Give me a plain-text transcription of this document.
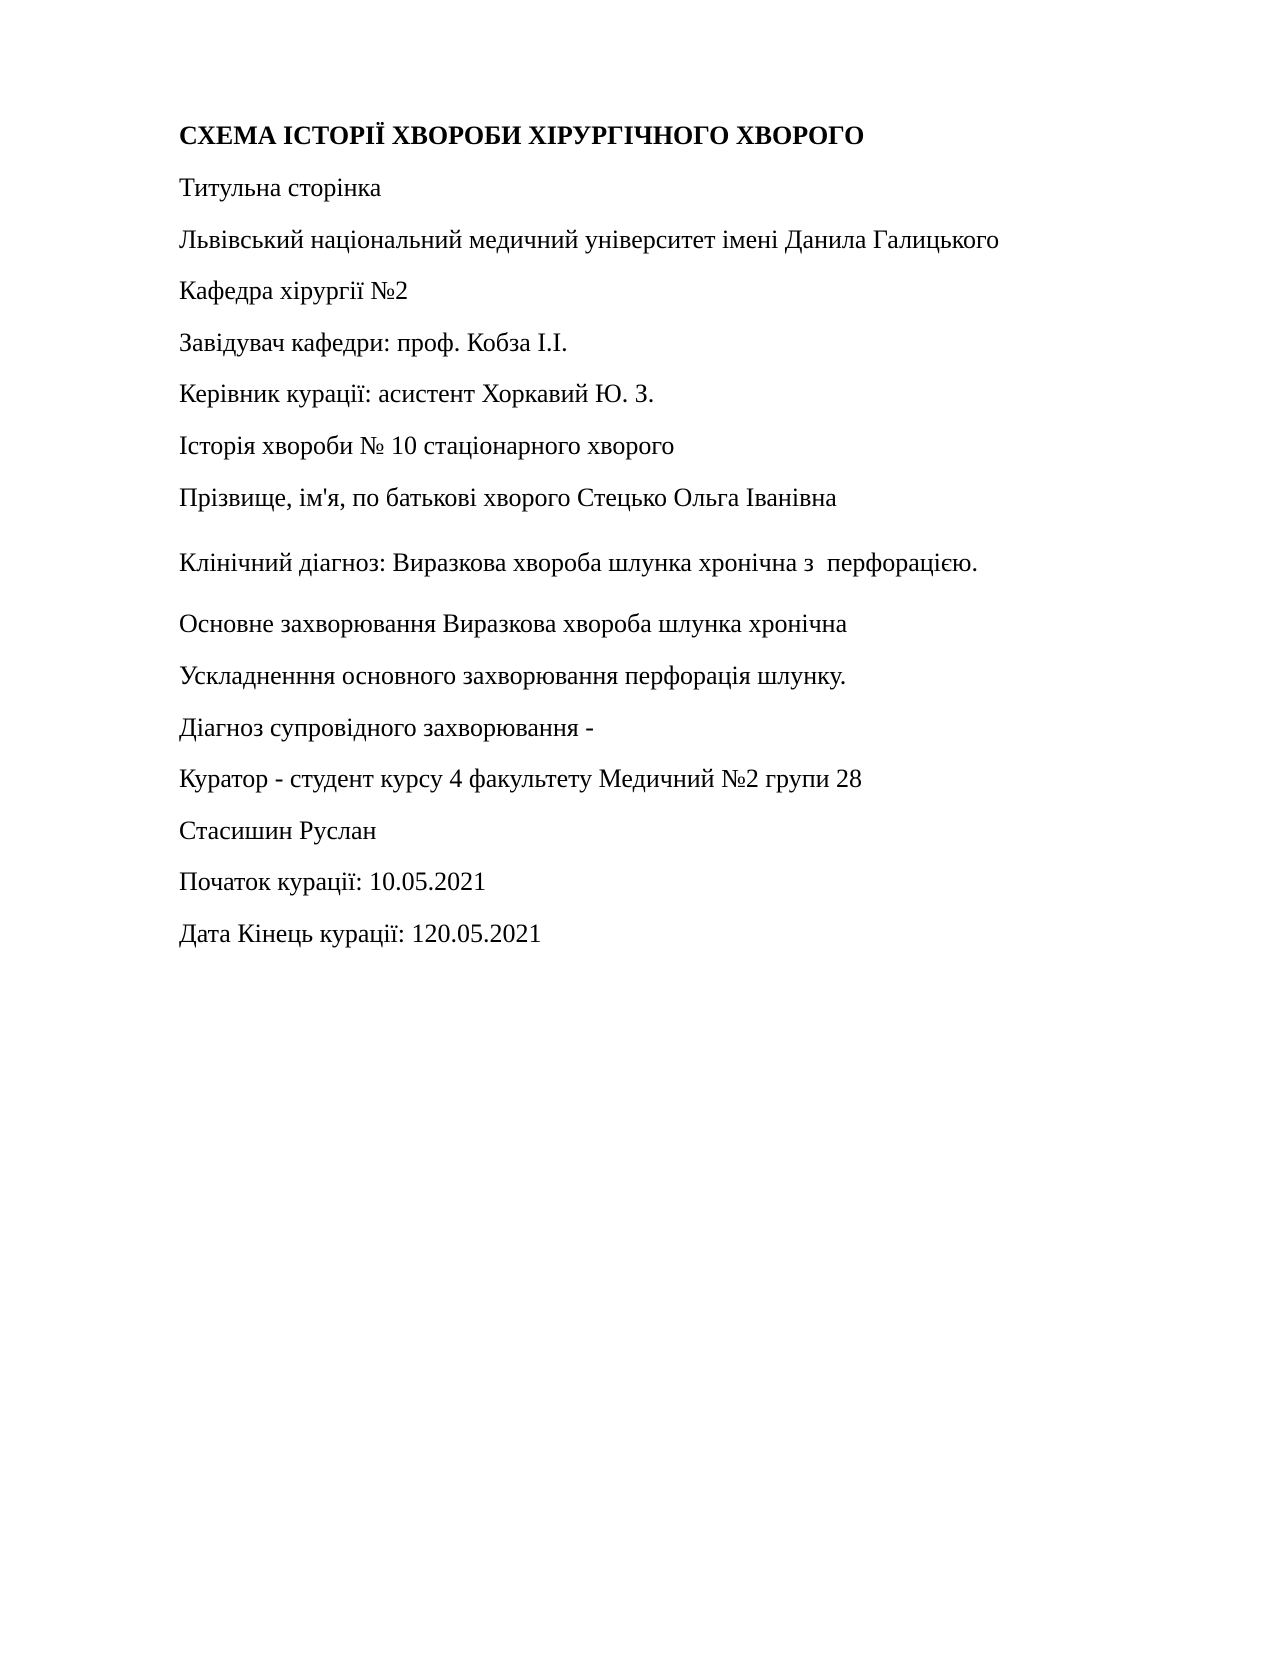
СХЕМА ІСТОРІЇ ХВОРОБИ ХІРУРГІЧНОГО ХВОРОГО

Титульна сторінка

Львівський національний медичний університет імені Данила Галицького

Кафедра хірургії №2

Завідувач кафедри: проф. Кобза І.І.

Керівник курації: асистент Хоркавий Ю. З.

Історія хвороби № 10 стаціонарного хворого

Прізвище, ім'я, по батькові хворого Стецько Ольга Іванівна

Клінічний діагноз: Виразкова хвороба шлунка хронічна з  перфорацією.

Основне захворювання Виразкова хвороба шлунка хронічна

Ускладненння основного захворювання перфорація шлунку.

Діагноз супровідного захворювання -

Куратор - студент курсу 4 факультету Медичний №2 групи 28

Стасишин Руслан

Початок курації: 10.05.2021

Дата Кінець курації: 120.05.2021
